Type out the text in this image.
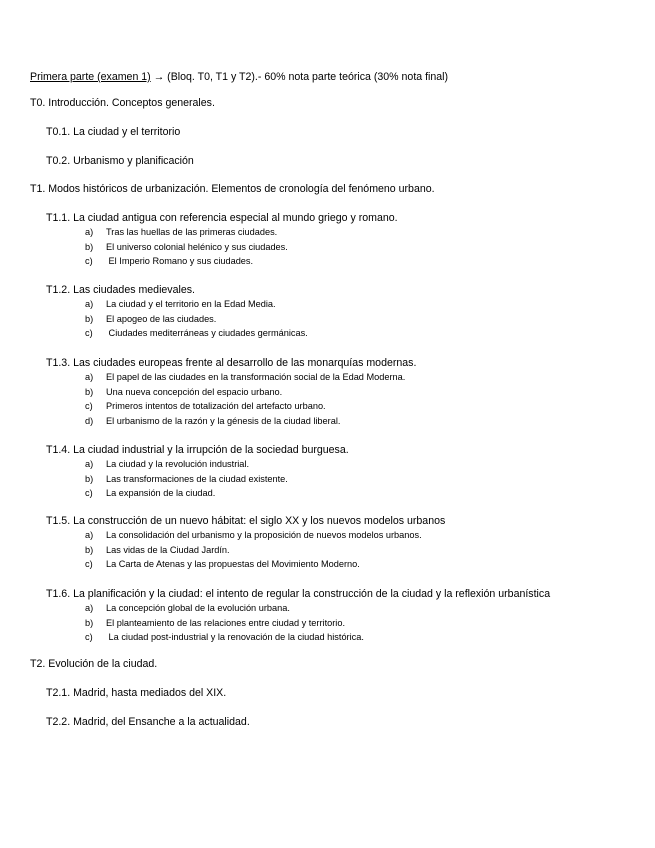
Primera parte (examen 1) → (Bloq. T0, T1 y T2).- 60% nota parte teórica (30% nota final)
T0. Introducción. Conceptos generales.
T0.1. La ciudad y el territorio
T0.2. Urbanismo y planificación
T1. Modos históricos de urbanización. Elementos de cronología del fenómeno urbano.
T1.1. La ciudad antigua con referencia especial al mundo griego y romano.
a) Tras las huellas de las primeras ciudades.
b) El universo colonial helénico y sus ciudades.
c) El Imperio Romano y sus ciudades.
T1.2. Las ciudades medievales.
a) La ciudad y el territorio en la Edad Media.
b) El apogeo de las ciudades.
c) Ciudades mediterráneas y ciudades germánicas.
T1.3. Las ciudades europeas frente al desarrollo de las monarquías modernas.
a) El papel de las ciudades en la transformación social de la Edad Moderna.
b) Una nueva concepción del espacio urbano.
c) Primeros intentos de totalización del artefacto urbano.
d) El urbanismo de la razón y la génesis de la ciudad liberal.
T1.4. La ciudad industrial y la irrupción de la sociedad burguesa.
a) La ciudad y la revolución industrial.
b) Las transformaciones de la ciudad existente.
c) La expansión de la ciudad.
T1.5. La construcción de un nuevo hábitat: el siglo XX y los nuevos modelos urbanos
a) La consolidación del urbanismo y la proposición de nuevos modelos urbanos.
b) Las vidas de la Ciudad Jardín.
c) La Carta de Atenas y las propuestas del Movimiento Moderno.
T1.6. La planificación y la ciudad: el intento de regular la construcción de la ciudad y la reflexión urbanística
a) La concepción global de la evolución urbana.
b) El planteamiento de las relaciones entre ciudad y territorio.
c) La ciudad post-industrial y la renovación de la ciudad histórica.
T2. Evolución de la ciudad.
T2.1. Madrid, hasta mediados del XIX.
T2.2. Madrid, del Ensanche a la actualidad.
